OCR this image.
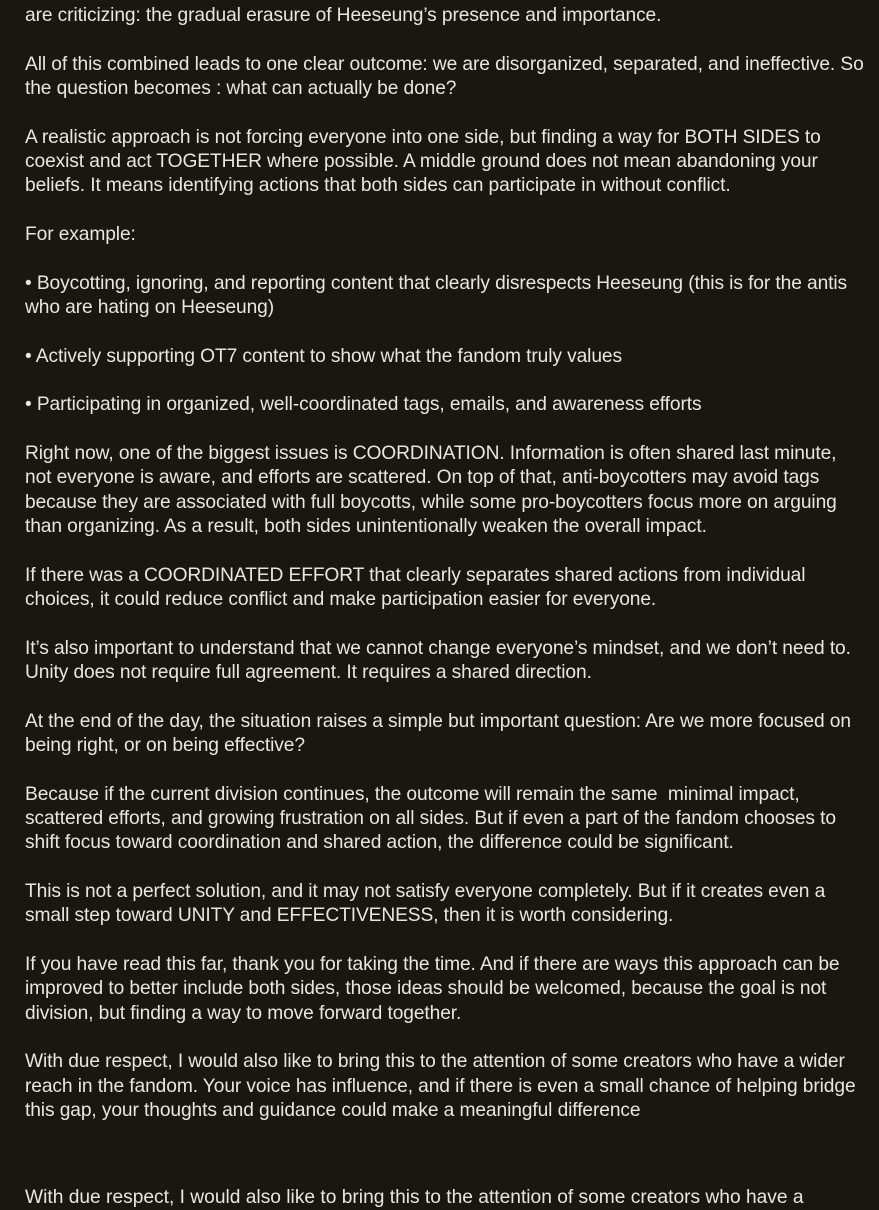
are criticizing: the gradual erasure of Heeseung’s presence and importance.

All of this combined leads to one clear outcome: we are disorganized, separated, and ineffective. So the question becomes : what can actually be done?

A realistic approach is not forcing everyone into one side, but finding a way for BOTH SIDES to coexist and act TOGETHER where possible. A middle ground does not mean abandoning your beliefs. It means identifying actions that both sides can participate in without conflict.

For example:

• Boycotting, ignoring, and reporting content that clearly disrespects Heeseung (this is for the antis who are hating on Heeseung)

• Actively supporting OT7 content to show what the fandom truly values

• Participating in organized, well-coordinated tags, emails, and awareness efforts

Right now, one of the biggest issues is COORDINATION. Information is often shared last minute, not everyone is aware, and efforts are scattered. On top of that, anti-boycotters may avoid tags because they are associated with full boycotts, while some pro-boycotters focus more on arguing than organizing. As a result, both sides unintentionally weaken the overall impact.

If there was a COORDINATED EFFORT that clearly separates shared actions from individual choices, it could reduce conflict and make participation easier for everyone.

It’s also important to understand that we cannot change everyone’s mindset, and we don’t need to. Unity does not require full agreement. It requires a shared direction.

At the end of the day, the situation raises a simple but important question: Are we more focused on being right, or on being effective?

Because if the current division continues, the outcome will remain the same  minimal impact, scattered efforts, and growing frustration on all sides. But if even a part of the fandom chooses to shift focus toward coordination and shared action, the difference could be significant.

This is not a perfect solution, and it may not satisfy everyone completely. But if it creates even a small step toward UNITY and EFFECTIVENESS, then it is worth considering.

If you have read this far, thank you for taking the time. And if there are ways this approach can be improved to better include both sides, those ideas should be welcomed, because the goal is not division, but finding a way to move forward together.

With due respect, I would also like to bring this to the attention of some creators who have a wider reach in the fandom. Your voice has influence, and if there is even a small chance of helping bridge this gap, your thoughts and guidance could make a meaningful difference

With due respect, I would also like to bring this to the attention of some creators who have a
